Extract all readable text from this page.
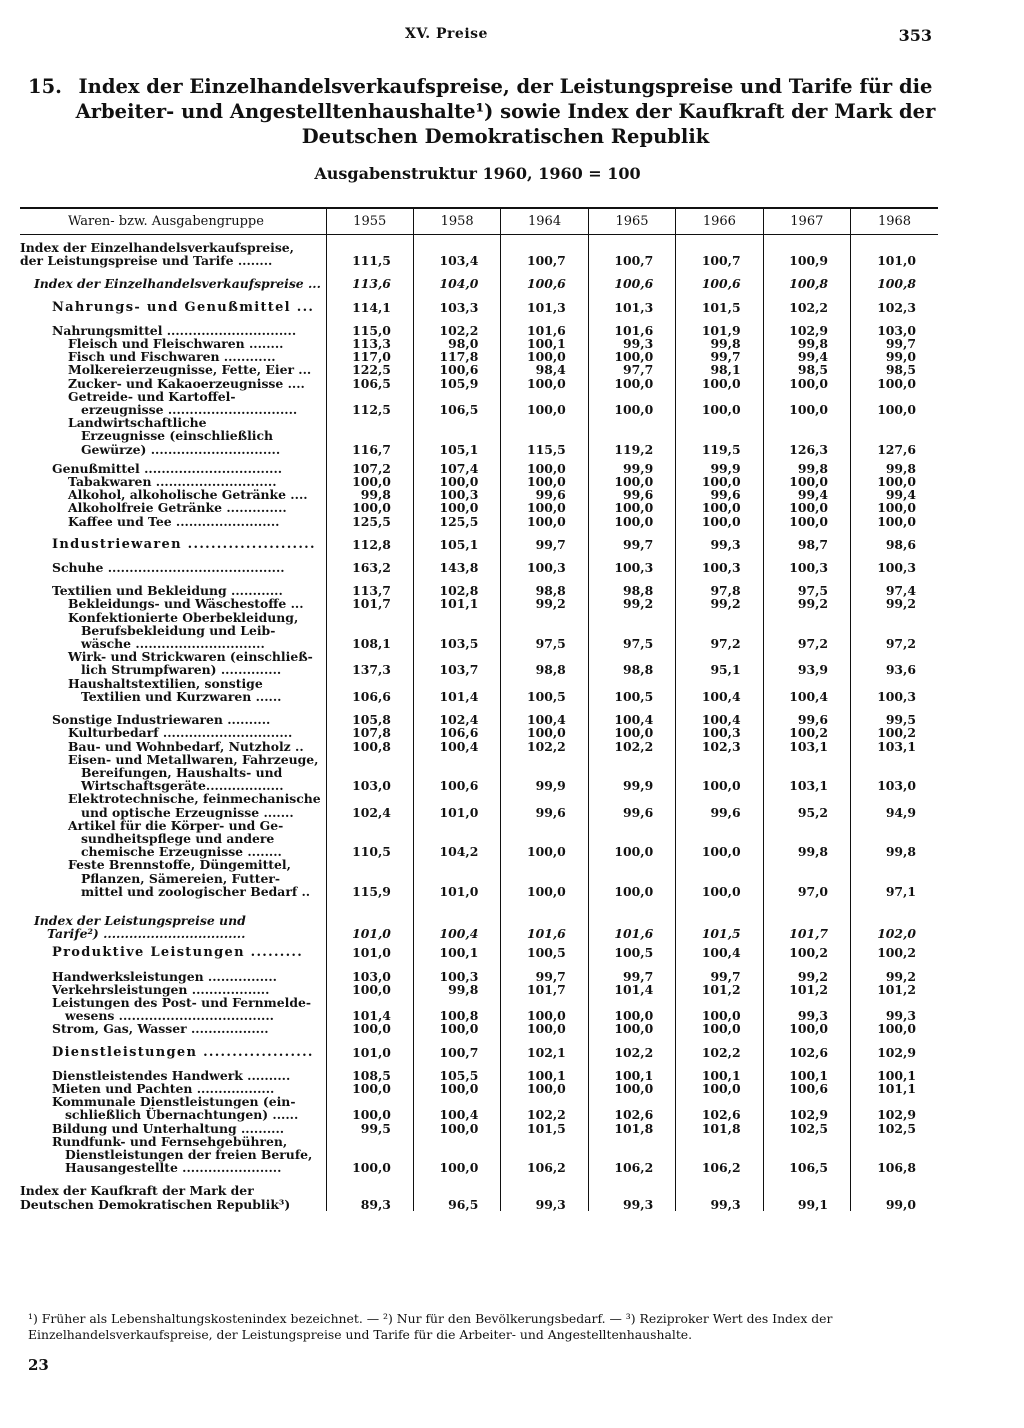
XV. Preise	353
15. Index der Einzelhandelsverkaufspreise, der Leistungspreise und Tarife für die Arbeiter- und Angestelltenhaushalte¹) sowie Index der Kaufkraft der Mark der Deutschen Demokratischen Republik
Ausgabenstruktur 1960, 1960 = 100
Waren- bzw. Ausgabengruppe	1955	1958	1964	1965	1966	1967	1968
Index der Einzelhandelsverkaufspreise,
der Leistungspreise und Tarife ........	111,5	103,4	100,7	100,7	100,7	100,9	101,0
Index der Einzelhandelsverkaufspreise ...	113,6	104,0	100,6	100,6	100,6	100,8	100,8
Nahrungs- und Genußmittel ...	114,1	103,3	101,3	101,3	101,5	102,2	102,3
Nahrungsmittel ..............................	115,0	102,2	101,6	101,6	101,9	102,9	103,0
Fleisch und Fleischwaren ........	113,3	98,0	100,1	99,3	99,8	99,8	99,7
Fisch und Fischwaren ............	117,0	117,8	100,0	100,0	99,7	99,4	99,0
Molkereierzeugnisse, Fette, Eier ...	122,5	100,6	98,4	97,7	98,1	98,5	98,5
Zucker- und Kakaoerzeugnisse ....	106,5	105,9	100,0	100,0	100,0	100,0	100,0
Getreide- und Kartoffel-
erzeugnisse ..............................	112,5	106,5	100,0	100,0	100,0	100,0	100,0
Landwirtschaftliche
Erzeugnisse (einschließlich
Gewürze) ..............................	116,7	105,1	115,5	119,2	119,5	126,3	127,6
Genußmittel ................................	107,2	107,4	100,0	99,9	99,9	99,8	99,8
Tabakwaren ............................	100,0	100,0	100,0	100,0	100,0	100,0	100,0
Alkohol, alkoholische Getränke ....	99,8	100,3	99,6	99,6	99,6	99,4	99,4
Alkoholfreie Getränke ..............	100,0	100,0	100,0	100,0	100,0	100,0	100,0
Kaffee und Tee ........................	125,5	125,5	100,0	100,0	100,0	100,0	100,0
Industriewaren ......................	112,8	105,1	99,7	99,7	99,3	98,7	98,6
Schuhe .........................................	163,2	143,8	100,3	100,3	100,3	100,3	100,3
Textilien und Bekleidung ............	113,7	102,8	98,8	98,8	97,8	97,5	97,4
Bekleidungs- und Wäschestoffe ...	101,7	101,1	99,2	99,2	99,2	99,2	99,2
Konfektionierte Oberbekleidung,
Berufsbekleidung und Leib-
wäsche ..............................	108,1	103,5	97,5	97,5	97,2	97,2	97,2
Wirk- und Strickwaren (einschließ-
lich Strumpfwaren) ..............	137,3	103,7	98,8	98,8	95,1	93,9	93,6
Haushaltstextilien, sonstige
Textilien und Kurzwaren ......	106,6	101,4	100,5	100,5	100,4	100,4	100,3
Sonstige Industriewaren ..........	105,8	102,4	100,4	100,4	100,4	99,6	99,5
Kulturbedarf ..............................	107,8	106,6	100,0	100,0	100,3	100,2	100,2
Bau- und Wohnbedarf, Nutzholz ..	100,8	100,4	102,2	102,2	102,3	103,1	103,1
Eisen- und Metallwaren, Fahrzeuge,
Bereifungen, Haushalts- und
Wirtschaftsgeräte..................	103,0	100,6	99,9	99,9	100,0	103,1	103,0
Elektrotechnische, feinmechanische
und optische Erzeugnisse .......	102,4	101,0	99,6	99,6	99,6	95,2	94,9
Artikel für die Körper- und Ge-
sundheitspflege und andere
chemische Erzeugnisse ........	110,5	104,2	100,0	100,0	100,0	99,8	99,8
Feste Brennstoffe, Düngemittel,
Pflanzen, Sämereien, Futter-
mittel und zoologischer Bedarf ..	115,9	101,0	100,0	100,0	100,0	97,0	97,1
Index der Leistungspreise und
Tarife²) .................................	101,0	100,4	101,6	101,6	101,5	101,7	102,0
Produktive Leistungen .........	101,0	100,1	100,5	100,5	100,4	100,2	100,2
Handwerksleistungen ................	103,0	100,3	99,7	99,7	99,7	99,2	99,2
Verkehrsleistungen ..................	100,0	99,8	101,7	101,4	101,2	101,2	101,2
Leistungen des Post- und Fernmelde-
wesens ....................................	101,4	100,8	100,0	100,0	100,0	99,3	99,3
Strom, Gas, Wasser ..................	100,0	100,0	100,0	100,0	100,0	100,0	100,0
Dienstleistungen ...................	101,0	100,7	102,1	102,2	102,2	102,6	102,9
Dienstleistendes Handwerk ..........	108,5	105,5	100,1	100,1	100,1	100,1	100,1
Mieten und Pachten ..................	100,0	100,0	100,0	100,0	100,0	100,6	101,1
Kommunale Dienstleistungen (ein-
schließlich Übernachtungen) ......	100,0	100,4	102,2	102,6	102,6	102,9	102,9
Bildung und Unterhaltung ..........	99,5	100,0	101,5	101,8	101,8	102,5	102,5
Rundfunk- und Fernsehgebühren,
Dienstleistungen der freien Berufe,
Hausangestellte .......................	100,0	100,0	106,2	106,2	106,2	106,5	106,8
Index der Kaufkraft der Mark der
Deutschen Demokratischen Republik³)	89,3	96,5	99,3	99,3	99,3	99,1	99,0
¹) Früher als Lebenshaltungskostenindex bezeichnet. — ²) Nur für den Bevölkerungsbedarf. — ³) Reziproker Wert des Index der Einzelhandelsverkaufspreise, der Leistungspreise und Tarife für die Arbeiter- und Angestelltenhaushalte.
23
